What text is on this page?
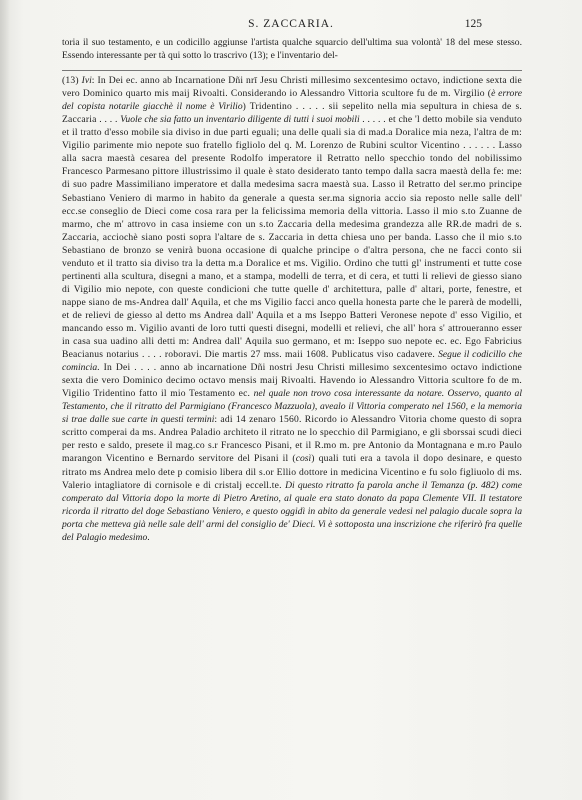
S. ZACCARIA.	125

toria il suo testamento, e un codicillo aggiunse l'artista qualche squarcio dell'ultima sua volontà' 18 del mese stesso. Essendo interessante per tà qui sotto lo trascrivo (13); e l'inventario del-

(13) Ivi: In Dei ec. anno ab Incarnatione Dñi nrī Jesu Christi millesimo sexcentesimo octavo, indictione sexta die vero Dominico quarto mis maij Rivoalti. Considerando io Alessandro Vittoria scultore fu de m. Virgilio (è errore del copista notarile giacchè il nome è Virilio) Tridentino . . . . . sii sepelito nella mia sepultura in chiesa de s. Zaccaria . . . . Vuole che sia fatto un inventario diligente di tutti i suoi mobili . . . . . et che 'l detto mobile sia venduto et il tratto d'esso mobile sia diviso in due parti eguali; una delle quali sia di mad.a Doralice mia neza, l'altra de m: Vigilio parimente mio nepote suo fratello figliolo del q. M. Lorenzo de Rubini scultor Vicentino . . . . . . Lasso alla sacra maestà cesarea del presente Rodolfo imperatore il Retratto nello specchio tondo del nobilissimo Francesco Parmesano pittore illustrissimo il quale è stato desiderato tanto tempo dalla sacra maestà della fe: me: di suo padre Massimiliano imperatore et dalla medesima sacra maestà sua. Lasso il Retratto del ser.mo principe Sebastiano Veniero di marmo in habito da generale a questa ser.ma signoria accio sia reposto nelle salle dell' ecc.se conseglio de Dieci come cosa rara per la felicissima memoria della vittoria. Lasso il mio s.to Zuanne de marmo, che m' attrovo in casa insieme con un s.to Zaccaria della medesima grandezza alle RR.de madri de s. Zaccaria, acciochè siano posti sopra l'altare de s. Zaccaria in detta chiesa uno per banda. Lasso che il mio s.to Sebastiano de bronzo se venirà buona occasione di qualche principe o d'altra persona, che ne facci conto sii venduto et il tratto sia diviso tra la detta m.a Doralice et ms. Vigilio. Ordino che tutti gl' instrumenti et tutte cose pertinenti alla scultura, disegni a mano, et a stampa, modelli de terra, et di cera, et tutti li relievi de giesso siano di Vigilio mio nepote, con queste condicioni che tutte quelle d' architettura, palle d' altari, porte, fenestre, et nappe siano de ms-Andrea dall' Aquila, et che ms Vigilio facci anco quella honesta parte che le parerà de modelli, et de relievi de giesso al detto ms Andrea dall' Aquila et a ms Iseppo Batteri Veronese nepote d' esso Vigilio, et mancando esso m. Vigilio avanti de loro tutti questi disegni, modelli et relievi, che all' hora s' attroueranno esser in casa sua uadino alli detti m: Andrea dall' Aquila suo germano, et m: Iseppo suo nepote ec. ec. Ego Fabricius Beacianus notarius . . . . roboravi. Die martis 27 mss. maii 1608. Publicatus viso cadavere. Segue il codicillo che comincia. In Dei . . . . anno ab incarnatione Dñi nostri Jesu Christi millesimo sexcentesimo octavo indictione sexta die vero Dominico decimo octavo mensis maij Rivoalti. Havendo io Alessandro Vittoria scultore fo de m. Vigilio Tridentino fatto il mio Testamento ec. nel quale non trovo cosa interessante da notare. Osservo, quanto al Testamento, che il ritratto del Parmigiano (Francesco Mazzuola), avealo il Vittoria comperato nel 1560, e la memoria si trae dalle sue carte in questi termini: adi 14 zenaro 1560. Ricordo io Alessandro Vitoria chome questo di sopra scritto comperai da ms. Andrea Paladio architeto il ritrato ne lo specchio dil Parmigiano, e gli sborssai scudi dieci per resto e saldo, presete il mag.co s.r Francesco Pisani, et il R.mo m. pre Antonio da Montagnana e m.ro Paulo marangon Vicentino e Bernardo servitore del Pisani il (così) quali tuti era a tavola il dopo desinare, e questo ritrato ms Andrea melo dete p comisio libera dil s.or Ellio dottore in medicina Vicentino e fu solo figliuolo di ms. Valerio intagliatore di cornisole e di cristalj eccell.te. Di questo ritratto fa parola anche il Temanza (p. 482) come comperato dal Vittoria dopo la morte di Pietro Aretino, al quale era stato donato da papa Clemente VII. Il testatore ricorda il ritratto del doge Sebastiano Veniero, e questo oggidì in abito da generale vedesi nel palagio ducale sopra la porta che metteva già nelle sale dell' armi del consiglio de' Dieci. Vi è sottoposta una inscrizione che riferirò fra quelle del Palagio medesimo.
